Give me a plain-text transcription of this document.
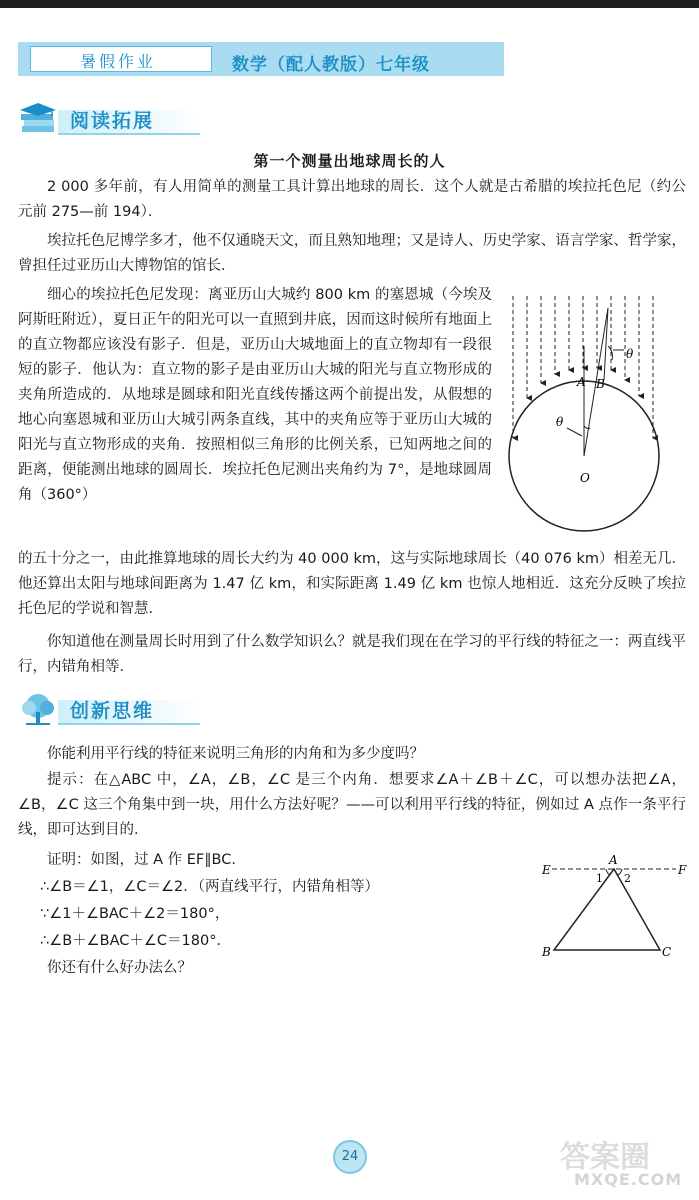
暑假作业	数学（配人教版）七年级
阅读拓展
第一个测量出地球周长的人
2 000 多年前，有人用简单的测量工具计算出地球的周长．这个人就是古希腊的埃拉托色尼（约公元前 275—前 194）．
埃拉托色尼博学多才，他不仅通晓天文，而且熟知地理；又是诗人、历史学家、语言学家、哲学家，曾担任过亚历山大博物馆的馆长．
细心的埃拉托色尼发现：离亚历山大城约 800 km 的塞恩城（今埃及阿斯旺附近），夏日正午的阳光可以一直照到井底，因而这时候所有地面上的直立物都应该没有影子．但是，亚历山大城地面上的直立物却有一段很短的影子．他认为：直立物的影子是由亚历山大城的阳光与直立物形成的夹角所造成的．从地球是圆球和阳光直线传播这两个前提出发，从假想的地心向塞恩城和亚历山大城引两条直线，其中的夹角应等于亚历山大城的阳光与直立物形成的夹角．按照相似三角形的比例关系，已知两地之间的距离，便能测出地球的圆周长．埃拉托色尼测出夹角约为 7°，是地球圆周角（360°）
的五十分之一，由此推算地球的周长大约为 40 000 km，这与实际地球周长（40 076 km）相差无几．他还算出太阳与地球间距离为 1.47 亿 km，和实际距离 1.49 亿 km 也惊人地相近．这充分反映了埃拉托色尼的学说和智慧．
你知道他在测量周长时用到了什么数学知识么？就是我们现在在学习的平行线的特征之一：两直线平行，内错角相等．
A B
O
θ
θ
创新思维
你能利用平行线的特征来说明三角形的内角和为多少度吗？
提示：在△ABC 中，∠A，∠B，∠C 是三个内角．想要求∠A＋∠B＋∠C，可以想办法把∠A，∠B，∠C 这三个角集中到一块，用什么方法好呢？——可以利用平行线的特征，例如过 A 点作一条平行线，即可达到目的．
证明：如图，过 A 作 EF∥BC.
∴∠B＝∠1，∠C＝∠2．（两直线平行，内错角相等）
∵∠1＋∠BAC＋∠2＝180°，
∴∠B＋∠BAC＋∠C＝180°．
你还有什么好办法么？
E	F
A
B	C
1 2
24	答案圈
MXQE.COM
